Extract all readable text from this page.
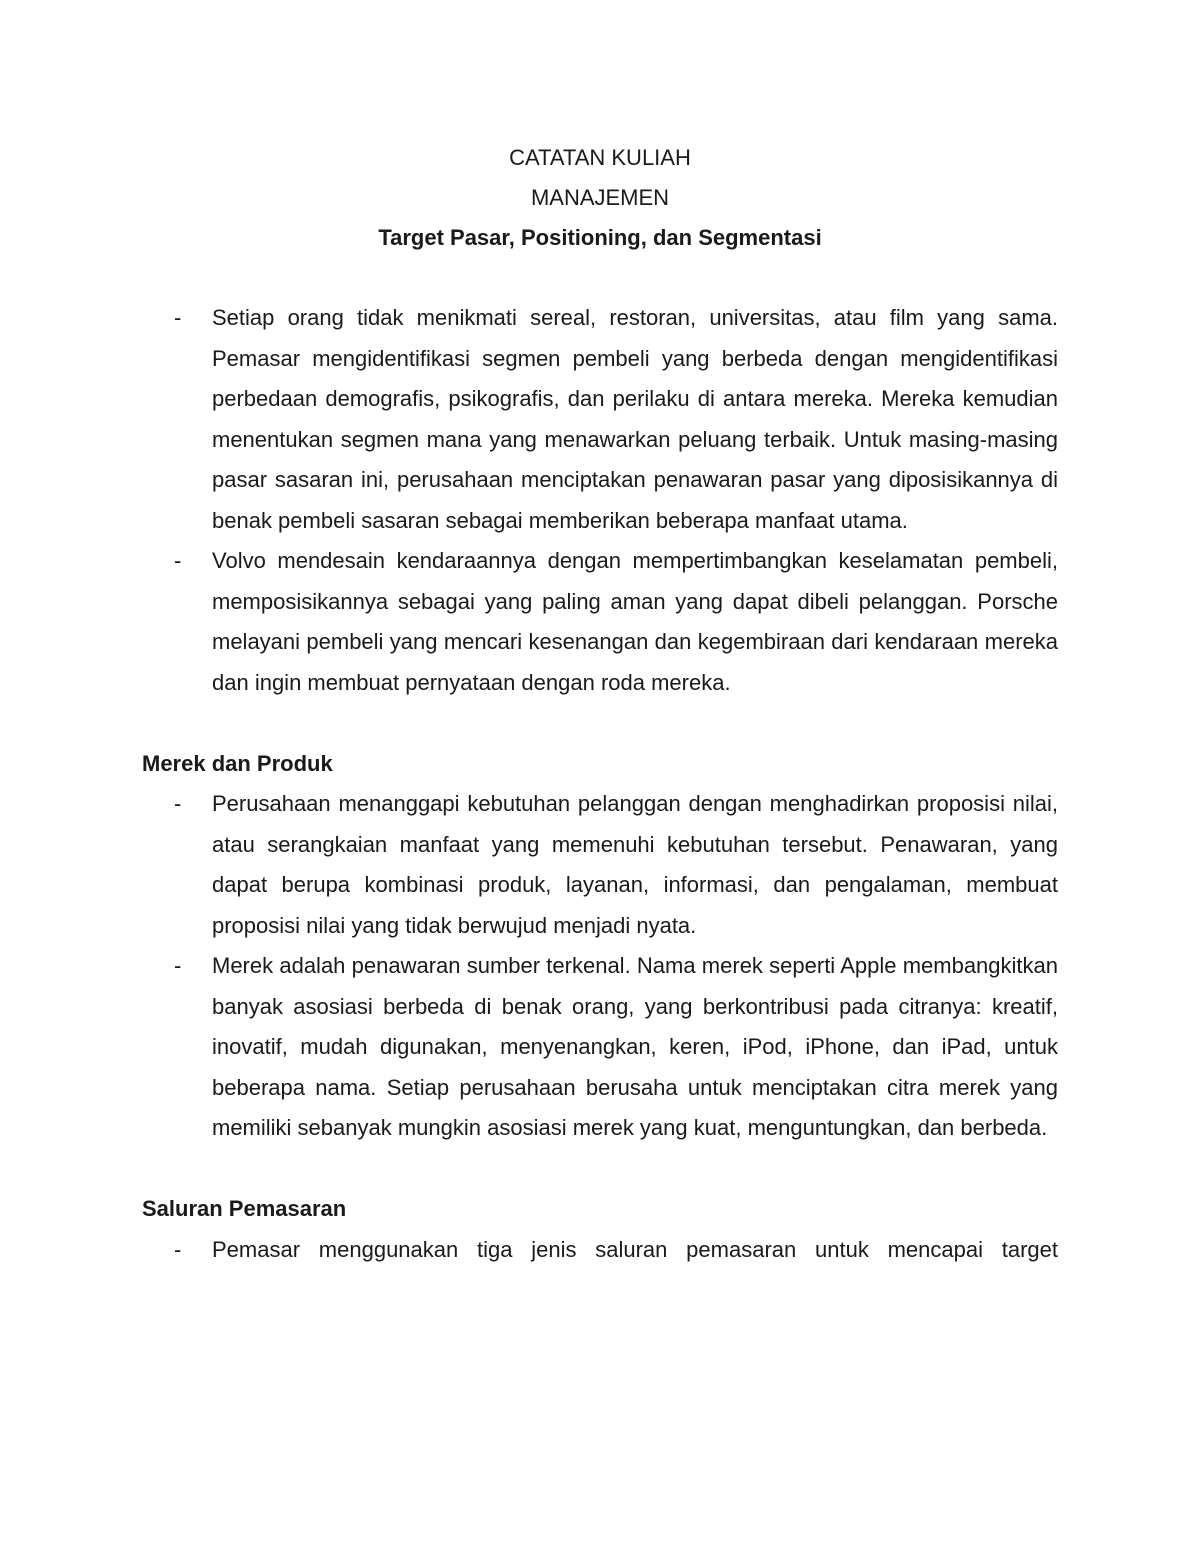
CATATAN KULIAH
MANAJEMEN
Target Pasar, Positioning, dan Segmentasi
- Setiap orang tidak menikmati sereal, restoran, universitas, atau film yang sama. Pemasar mengidentifikasi segmen pembeli yang berbeda dengan mengidentifikasi perbedaan demografis, psikografis, dan perilaku di antara mereka. Mereka kemudian menentukan segmen mana yang menawarkan peluang terbaik. Untuk masing-masing pasar sasaran ini, perusahaan menciptakan penawaran pasar yang diposisikannya di benak pembeli sasaran sebagai memberikan beberapa manfaat utama.

- Volvo mendesain kendaraannya dengan mempertimbangkan keselamatan pembeli, memposisikannya sebagai yang paling aman yang dapat dibeli pelanggan. Porsche melayani pembeli yang mencari kesenangan dan kegembiraan dari kendaraan mereka dan ingin membuat pernyataan dengan roda mereka.

Merek dan Produk

- Perusahaan menanggapi kebutuhan pelanggan dengan menghadirkan proposisi nilai, atau serangkaian manfaat yang memenuhi kebutuhan tersebut. Penawaran, yang dapat berupa kombinasi produk, layanan, informasi, dan pengalaman, membuat proposisi nilai yang tidak berwujud menjadi nyata.

- Merek adalah penawaran sumber terkenal. Nama merek seperti Apple membangkitkan banyak asosiasi berbeda di benak orang, yang berkontribusi pada citranya: kreatif, inovatif, mudah digunakan, menyenangkan, keren, iPod, iPhone, dan iPad, untuk beberapa nama. Setiap perusahaan berusaha untuk menciptakan citra merek yang memiliki sebanyak mungkin asosiasi merek yang kuat, menguntungkan, dan berbeda.

Saluran Pemasaran

- Pemasar menggunakan tiga jenis saluran pemasaran untuk mencapai target
